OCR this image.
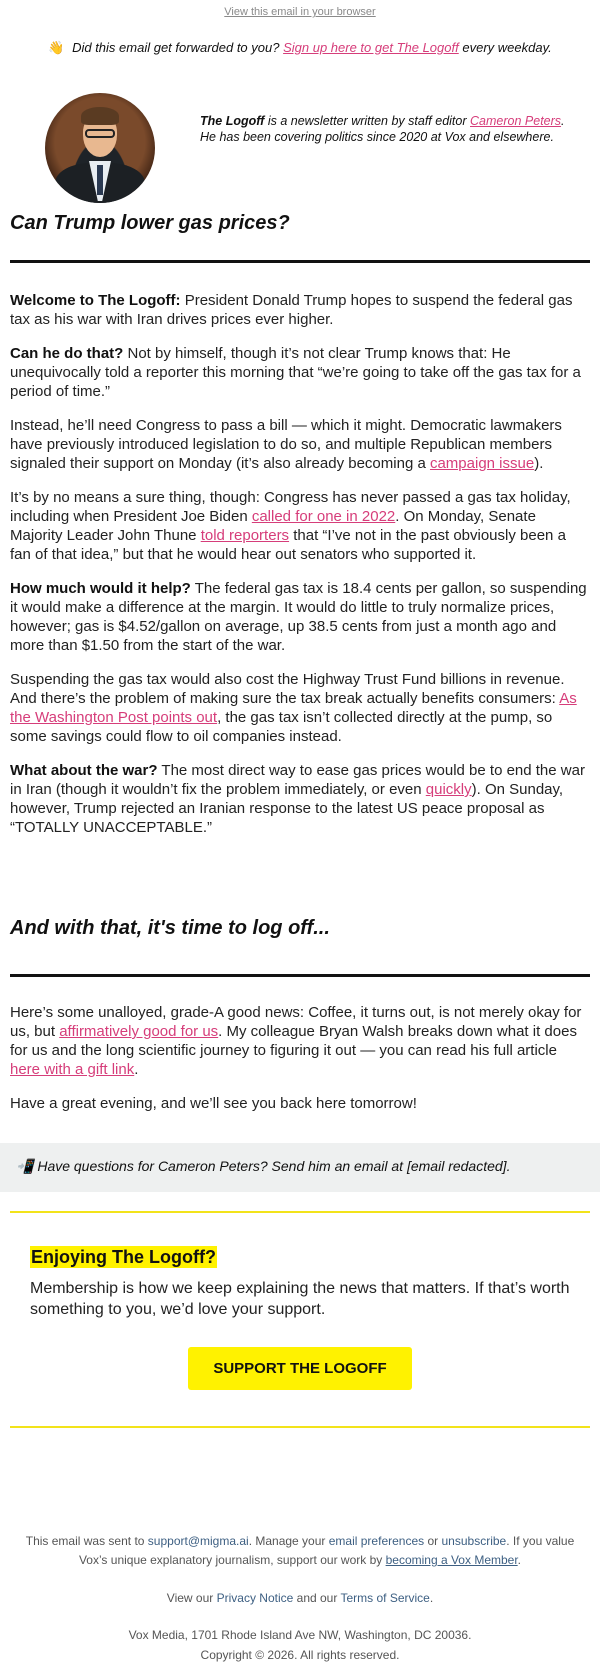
View this email in your browser
👋 Did this email get forwarded to you? Sign up here to get The Logoff every weekday.
The Logoff is a newsletter written by staff editor Cameron Peters. He has been covering politics since 2020 at Vox and elsewhere.
Can Trump lower gas prices?

Welcome to The Logoff: President Donald Trump hopes to suspend the federal gas tax as his war with Iran drives prices ever higher.

Can he do that? Not by himself, though it’s not clear Trump knows that: He unequivocally told a reporter this morning that “we’re going to take off the gas tax for a period of time.”

Instead, he’ll need Congress to pass a bill — which it might. Democratic lawmakers have previously introduced legislation to do so, and multiple Republican members signaled their support on Monday (it’s also already becoming a campaign issue).

It’s by no means a sure thing, though: Congress has never passed a gas tax holiday, including when President Joe Biden called for one in 2022. On Monday, Senate Majority Leader John Thune told reporters that “I’ve not in the past obviously been a fan of that idea,” but that he would hear out senators who supported it.

How much would it help? The federal gas tax is 18.4 cents per gallon, so suspending it would make a difference at the margin. It would do little to truly normalize prices, however; gas is $4.52/gallon on average, up 38.5 cents from just a month ago and more than $1.50 from the start of the war.

Suspending the gas tax would also cost the Highway Trust Fund billions in revenue. And there’s the problem of making sure the tax break actually benefits consumers: As the Washington Post points out, the gas tax isn’t collected directly at the pump, so some savings could flow to oil companies instead.

What about the war? The most direct way to ease gas prices would be to end the war in Iran (though it wouldn’t fix the problem immediately, or even quickly). On Sunday, however, Trump rejected an Iranian response to the latest US peace proposal as “TOTALLY UNACCEPTABLE.”

And with that, it's time to log off...

Here’s some unalloyed, grade-A good news: Coffee, it turns out, is not merely okay for us, but affirmatively good for us. My colleague Bryan Walsh breaks down what it does for us and the long scientific journey to figuring it out — you can read his full article here with a gift link.

Have a great evening, and we’ll see you back here tomorrow!

📲 Have questions for Cameron Peters? Send him an email at [email redacted].
Enjoying The Logoff?
Membership is how we keep explaining the news that matters. If that’s worth something to you, we’d love your support.
SUPPORT THE LOGOFF
This email was sent to support@migma.ai. Manage your email preferences or unsubscribe. If you value Vox’s unique explanatory journalism, support our work by becoming a Vox Member.
View our Privacy Notice and our Terms of Service.
Vox Media, 1701 Rhode Island Ave NW, Washington, DC 20036.
Copyright © 2026. All rights reserved.
